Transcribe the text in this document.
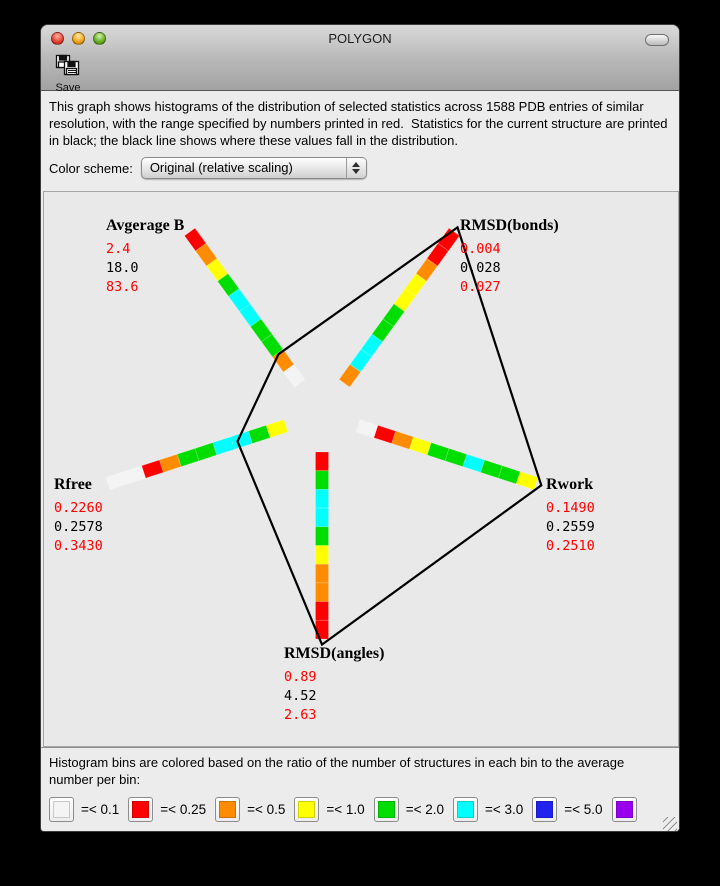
POLYGON
Save
This graph shows histograms of the distribution of selected statistics across 1588 PDB entries of similar resolution, with the range specified by numbers printed in red.  Statistics for the current structure are printed in black; the black line shows where these values fall in the distribution.
Color scheme:	Original (relative scaling)
Avgerage B
2.4
18.0
83.6
RMSD(bonds)
0.004
0.028
0.027
Rwork
0.1490
0.2559
0.2510
RMSD(angles)
0.89
4.52
2.63
Rfree
0.2260
0.2578
0.3430
Histogram bins are colored based on the ratio of the number of structures in each bin to the average number per bin:
=< 0.1	=< 0.25	=< 0.5	=< 1.0	=< 2.0	=< 3.0	=< 5.0
